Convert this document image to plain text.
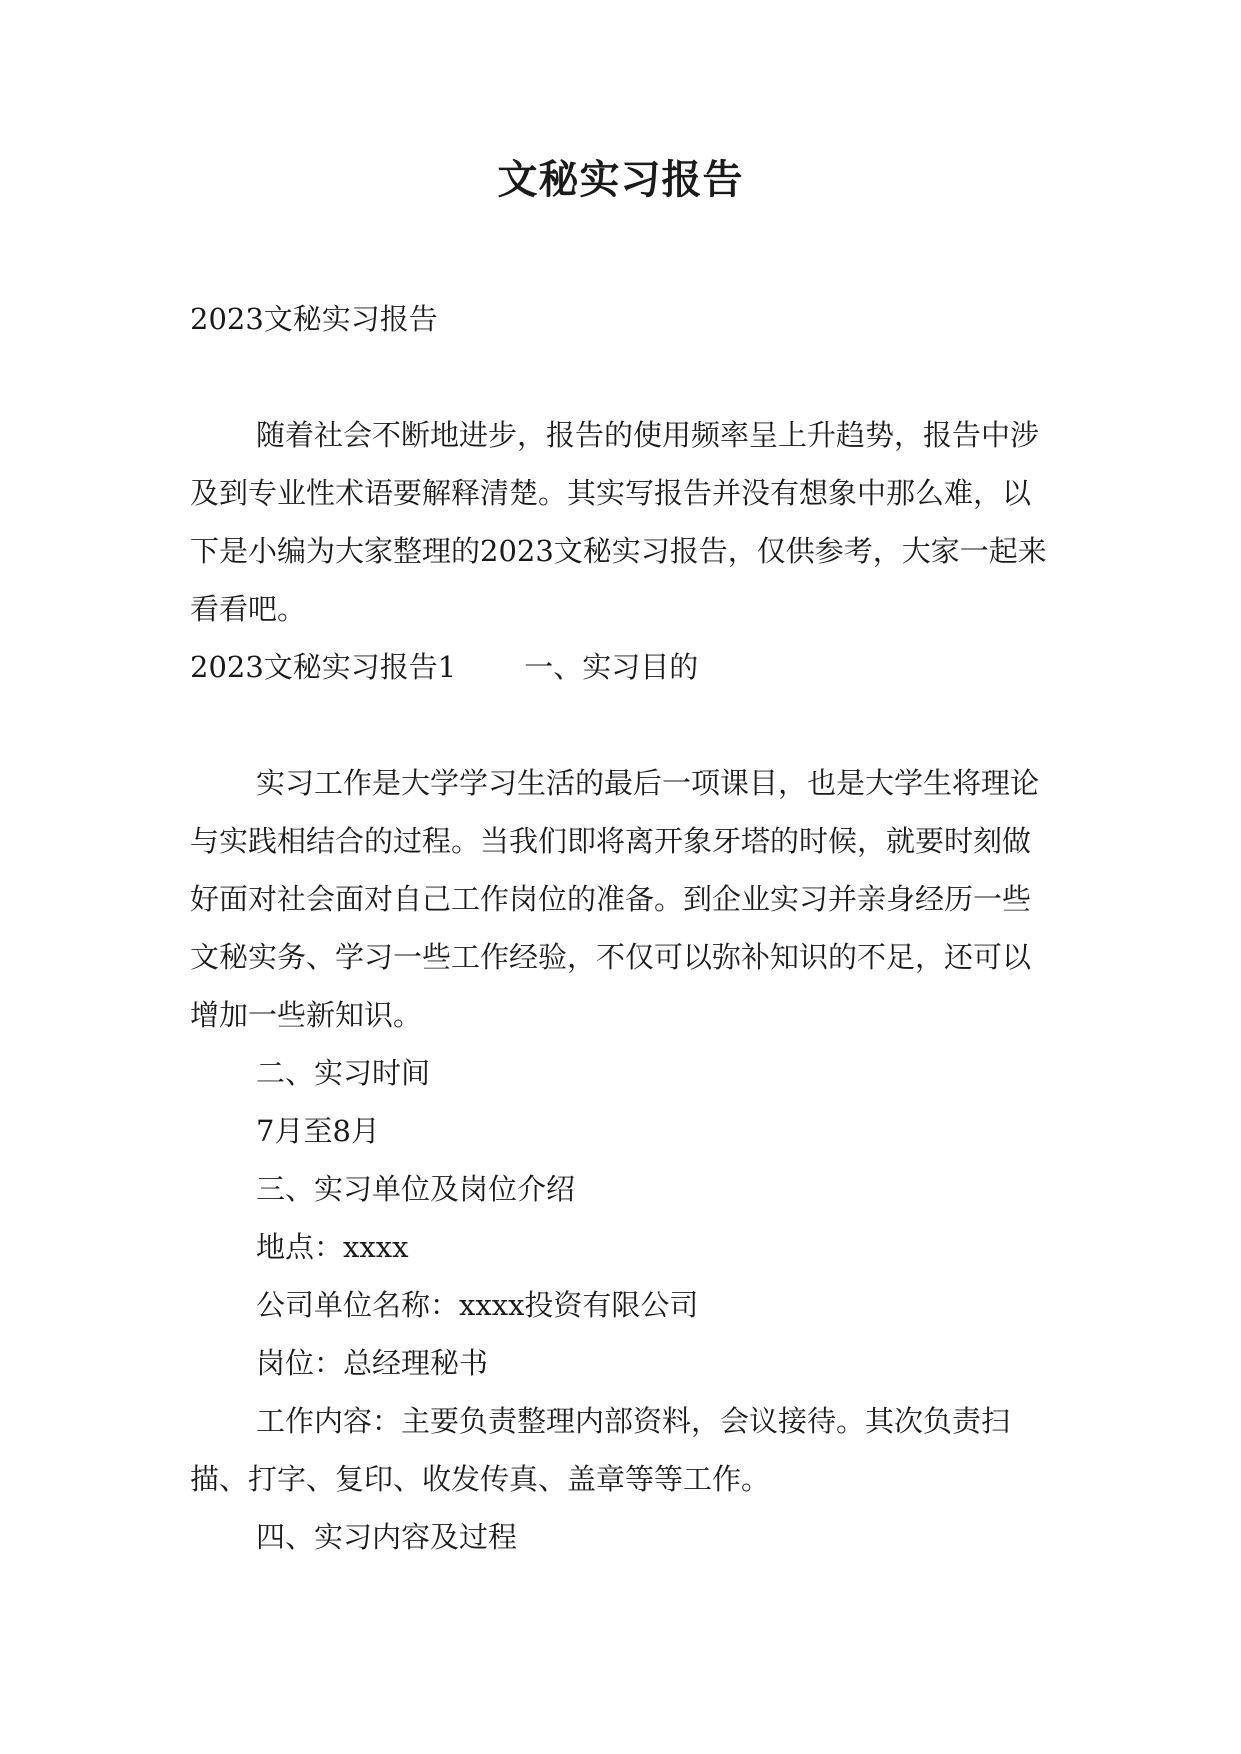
文秘实习报告

2023文秘实习报告

随着社会不断地进步，报告的使用频率呈上升趋势，报告中涉及到专业性术语要解释清楚。其实写报告并没有想象中那么难，以下是小编为大家整理的2023文秘实习报告，仅供参考，大家一起来看看吧。

2023文秘实习报告1 一、实习目的

实习工作是大学学习生活的最后一项课目，也是大学生将理论与实践相结合的过程。当我们即将离开象牙塔的时候，就要时刻做好面对社会面对自己工作岗位的准备。到企业实习并亲身经历一些文秘实务、学习一些工作经验，不仅可以弥补知识的不足，还可以增加一些新知识。

二、实习时间

7月至8月

三、实习单位及岗位介绍

地点：xxxx

公司单位名称：xxxx投资有限公司

岗位：总经理秘书

工作内容：主要负责整理内部资料，会议接待。其次负责扫描、打字、复印、收发传真、盖章等等工作。

四、实习内容及过程
